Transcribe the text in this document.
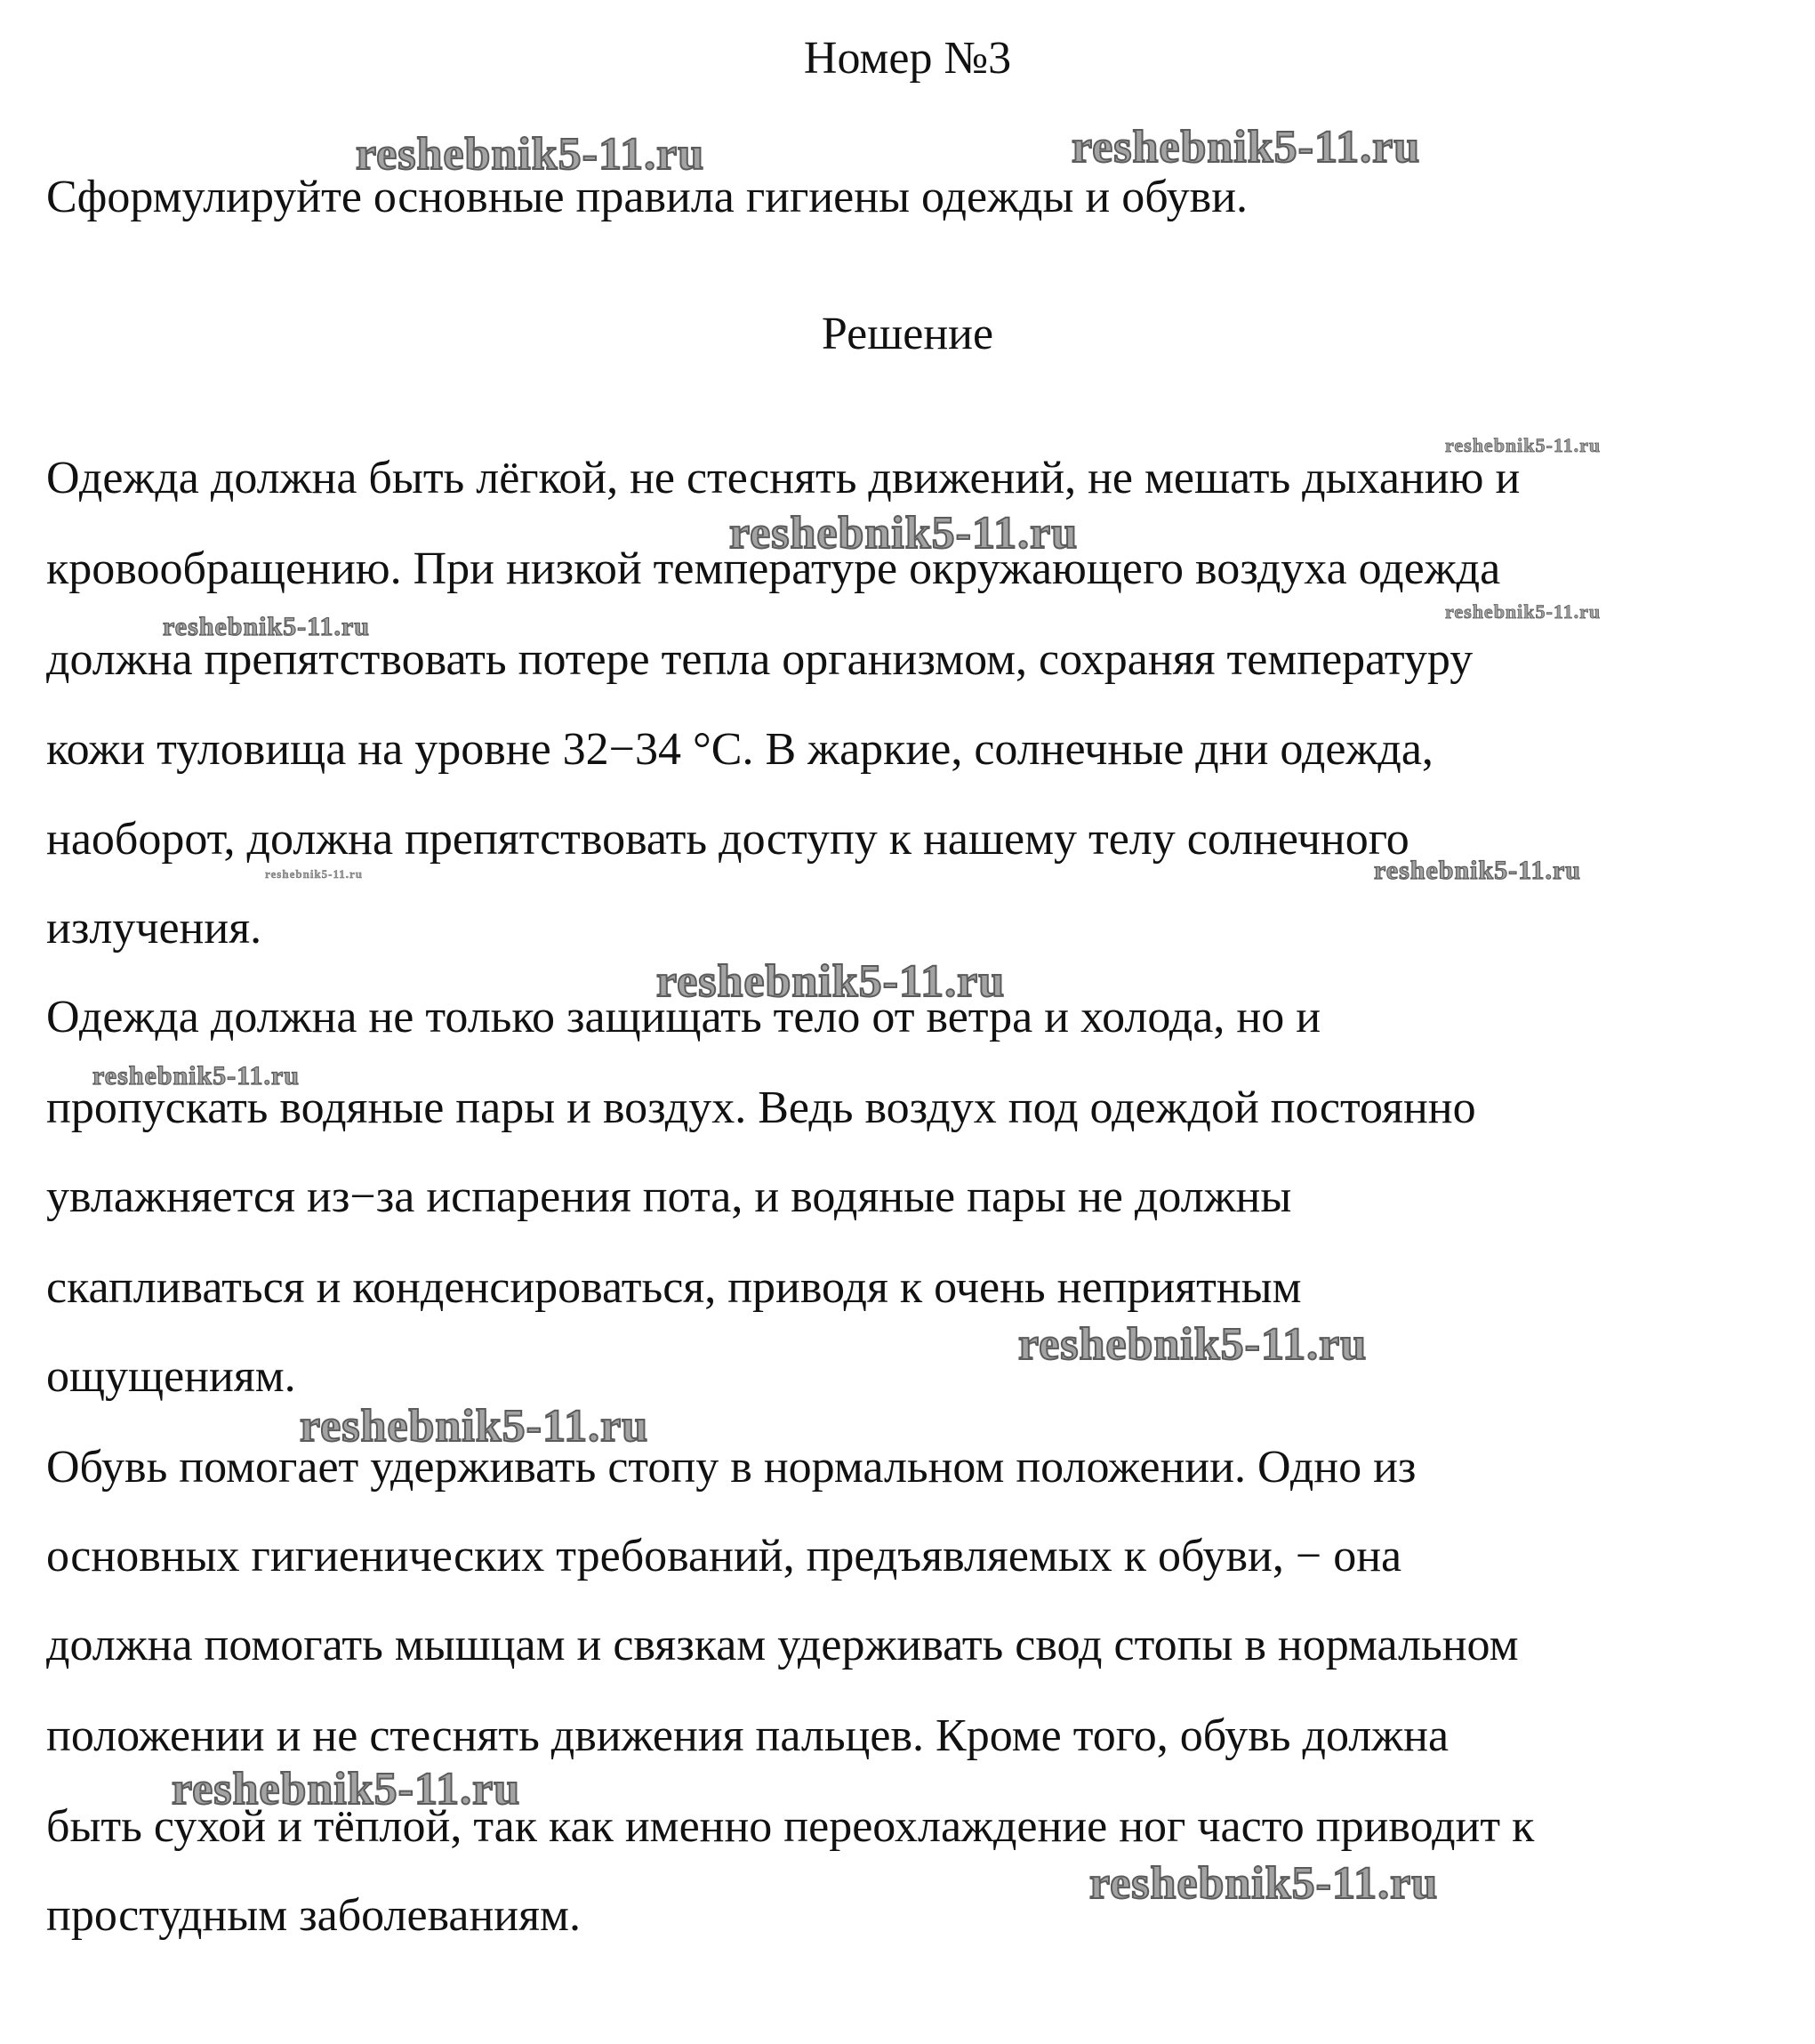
Номер №3
Сформулируйте основные правила гигиены одежды и обуви.
Решение
Одежда должна быть лёгкой, не стеснять движений, не мешать дыханию и
кровообращению. При низкой температуре окружающего воздуха одежда
должна препятствовать потере тепла организмом, сохраняя температуру
кожи туловища на уровне 32−34 °С. В жаркие, солнечные дни одежда,
наоборот, должна препятствовать доступу к нашему телу солнечного
излучения.
Одежда должна не только защищать тело от ветра и холода, но и
пропускать водяные пары и воздух. Ведь воздух под одеждой постоянно
увлажняется из−за испарения пота, и водяные пары не должны
скапливаться и конденсироваться, приводя к очень неприятным
ощущениям.
Обувь помогает удерживать стопу в нормальном положении. Одно из
основных гигиенических требований, предъявляемых к обуви, − она
должна помогать мышцам и связкам удерживать свод стопы в нормальном
положении и не стеснять движения пальцев. Кроме того, обувь должна
быть сухой и тёплой, так как именно переохлаждение ног часто приводит к
простудным заболеваниям.
reshebnik5-11.ru	reshebnik5-11.ru
reshebnik5-11.ru
reshebnik5-11.ru
reshebnik5-11.ru
reshebnik5-11.ru
reshebnik5-11.ru	reshebnik5-11.ru
reshebnik5-11.ru
reshebnik5-11.ru
reshebnik5-11.ru
reshebnik5-11.ru
reshebnik5-11.ru
reshebnik5-11.ru
